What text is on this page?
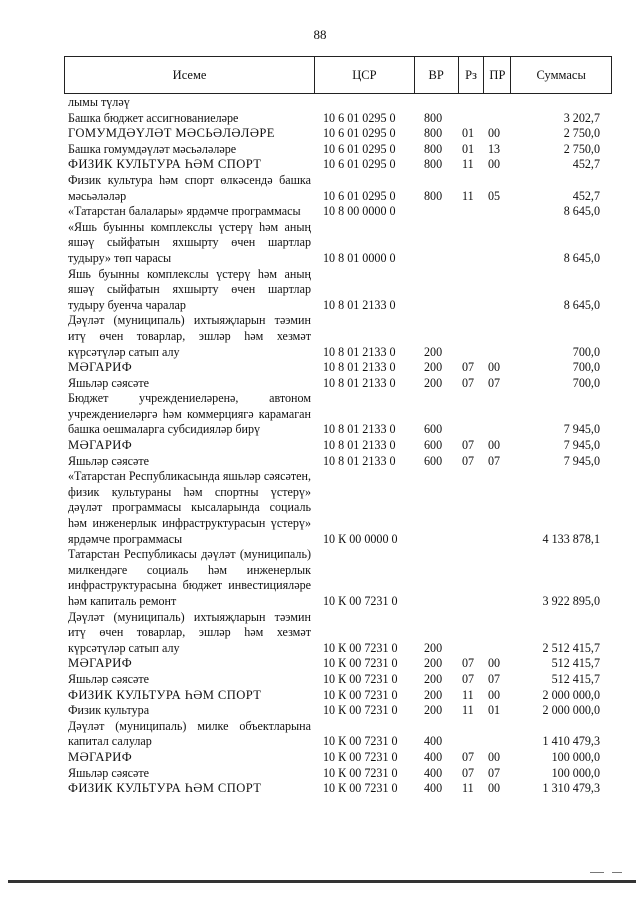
88
Исеме	ЦСР	ВР	Рз ПР	Суммасы
лымы түләү
Башка бюджет ассигнованиеләре	10 6 01 0295 0	800	3 202,7
ГОМУМДӘҮЛӘТ МӘСЬӘЛӘЛӘРЕ	10 6 01 0295 0	800	01	00	2 750,0
Башка гомумдәүләт мәсьәләләре	10 6 01 0295 0	800	01	13	2 750,0
ФИЗИК КУЛЬТУРА ҺӘМ СПОРТ	10 6 01 0295 0	800	11	00	452,7
Физик культура һәм спорт өлкәсендә башка мәсьәләләр	10 6 01 0295 0	800	11	05	452,7
«Татарстан балалары» ярдәмче программасы	10 8 00 0000 0	8 645,0
«Яшь буынны комплекслы үстерү һәм аның яшәү сыйфатын яхшырту өчен шартлар тудыру» төп чарасы	10 8 01 0000 0	8 645,0
Яшь буынны комплекслы үстерү һәм аның яшәү сыйфатын яхшырту өчен шартлар тудыру буенча чаралар	10 8 01 2133 0	8 645,0
Дәүләт (муниципаль) ихтыяҗларын тәэмин итү өчен товарлар, эшләр һәм хезмәт күрсәтүләр сатып алу	10 8 01 2133 0	200	700,0
МӘГАРИФ	10 8 01 2133 0	200	07	00	700,0
Яшьләр сәясәте	10 8 01 2133 0	200	07	07	700,0
Бюджет учреждениеләренә, автоном учреждениеләргә һәм коммерциягә карамаган башка оешмаларга субсидияләр бирү	10 8 01 2133 0	600	7 945,0
МӘГАРИФ	10 8 01 2133 0	600	07	00	7 945,0
Яшьләр сәясәте	10 8 01 2133 0	600	07	07	7 945,0
«Татарстан Республикасында яшьләр сәясәтен, физик культураны һәм спортны үстерү» дәүләт программасы кысаларында социаль һәм инженерлык инфраструктурасын үстерү» ярдәмче программасы	10 К 00 0000 0	4 133 878,1
Татарстан Республикасы дәүләт (муниципаль) милкендәге социаль һәм инженерлык инфраструктурасына бюджет инвестицияләре һәм капиталь ремонт	10 К 00 7231 0	3 922 895,0
Дәүләт (муниципаль) ихтыяҗларын тәэмин итү өчен товарлар, эшләр һәм хезмәт күрсәтүләр сатып алу	10 К 00 7231 0	200	2 512 415,7
МӘГАРИФ	10 К 00 7231 0	200	07	00	512 415,7
Яшьләр сәясәте	10 К 00 7231 0	200	07	07	512 415,7
ФИЗИК КУЛЬТУРА ҺӘМ СПОРТ	10 К 00 7231 0	200	11	00	2 000 000,0
Физик культура	10 К 00 7231 0	200	11	01	2 000 000,0
Дәүләт (муниципаль) милке объектларына капитал салулар	10 К 00 7231 0	400	1 410 479,3
МӘГАРИФ	10 К 00 7231 0	400	07	00	100 000,0
Яшьләр сәясәте	10 К 00 7231 0	400	07	07	100 000,0
ФИЗИК КУЛЬТУРА ҺӘМ СПОРТ	10 К 00 7231 0	400	11	00	1 310 479,3
